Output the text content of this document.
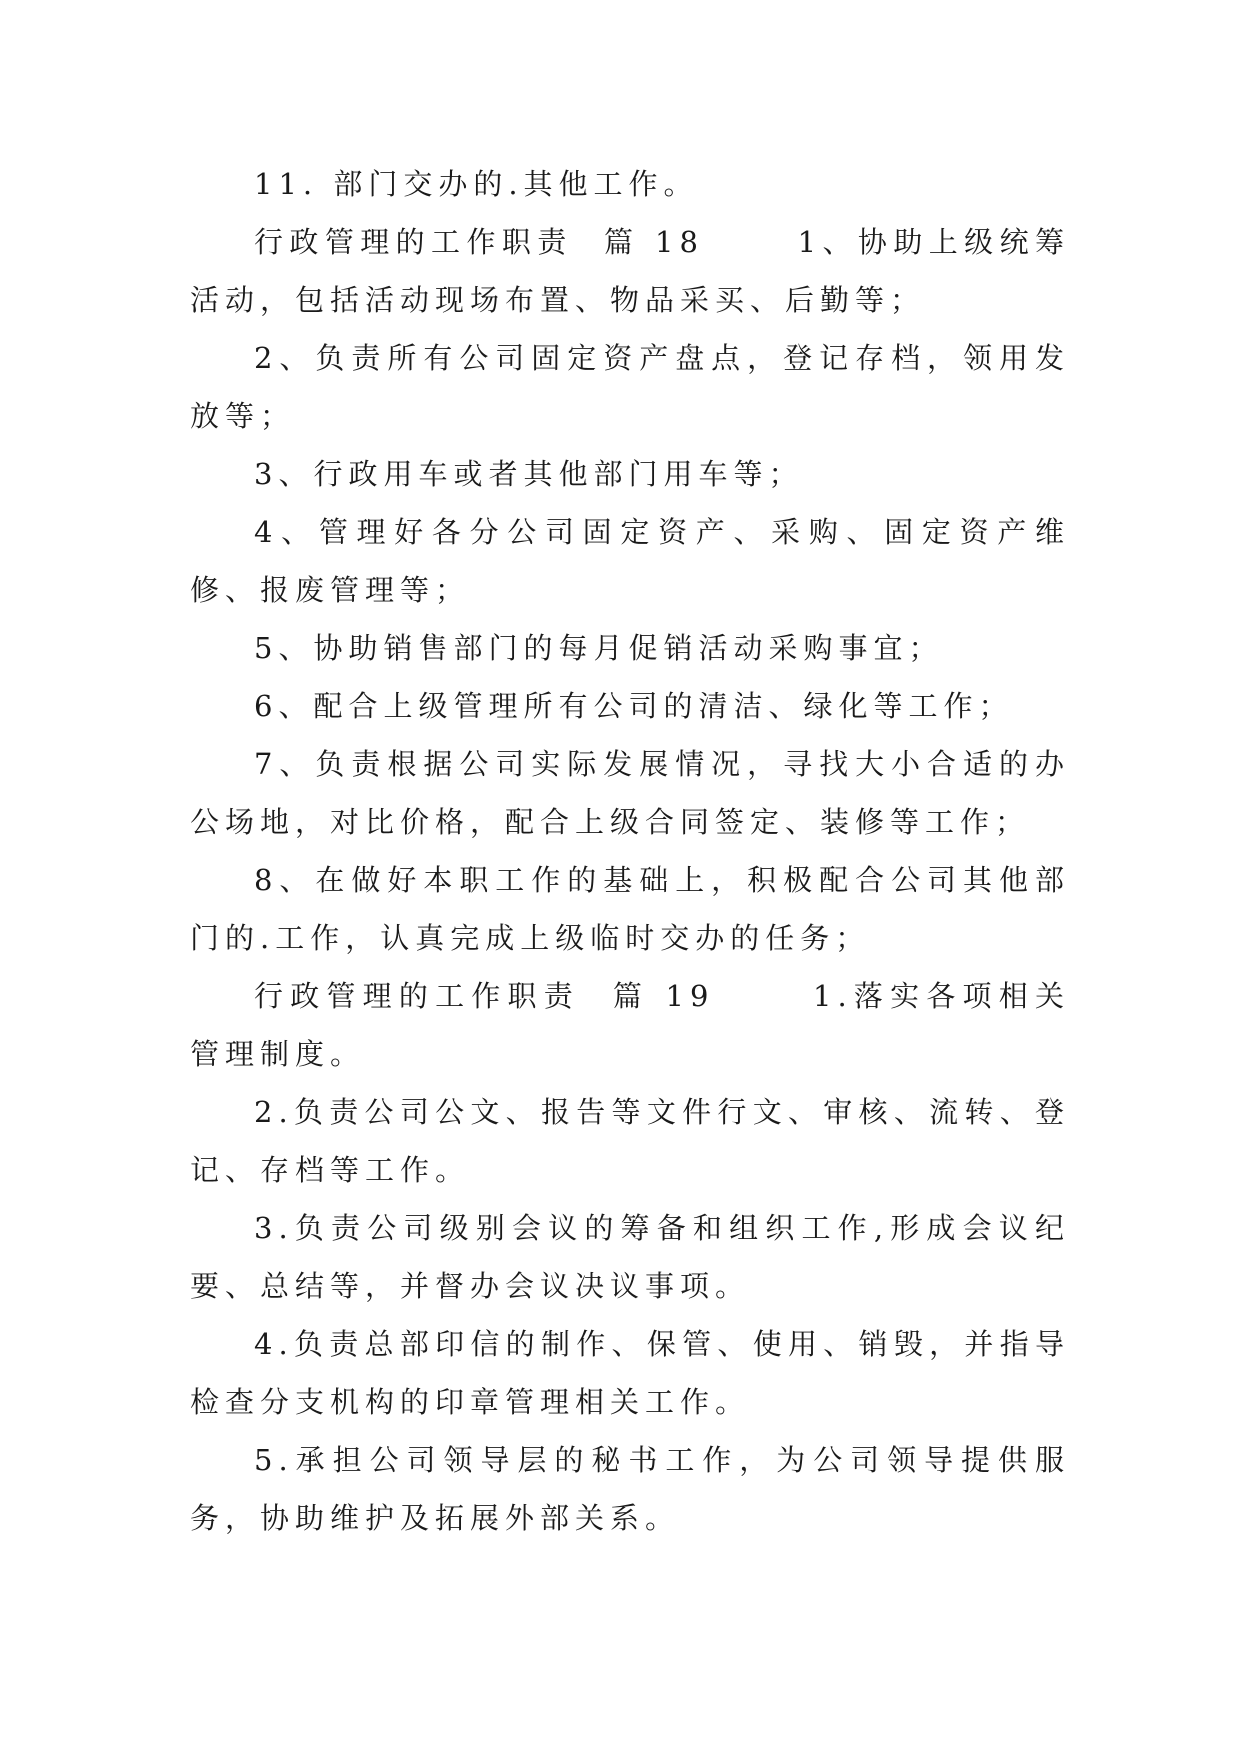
11. 部门交办的.其他工作。

行政管理的工作职责  篇 18      1、协助上级统筹活动，包括活动现场布置、物品采买、后勤等；

2、负责所有公司固定资产盘点，登记存档，领用发放等；

3、行政用车或者其他部门用车等；

4、管理好各分公司固定资产、采购、固定资产维修、报废管理等；

5、协助销售部门的每月促销活动采购事宜；

6、配合上级管理所有公司的清洁、绿化等工作；

7、负责根据公司实际发展情况，寻找大小合适的办公场地，对比价格，配合上级合同签定、装修等工作；

8、在做好本职工作的基础上，积极配合公司其他部门的.工作，认真完成上级临时交办的任务；

行政管理的工作职责  篇 19      1.落实各项相关管理制度。

2.负责公司公文、报告等文件行文、审核、流转、登记、存档等工作。

3.负责公司级别会议的筹备和组织工作,形成会议纪要、总结等，并督办会议决议事项。

4.负责总部印信的制作、保管、使用、销毁，并指导检查分支机构的印章管理相关工作。

5.承担公司领导层的秘书工作，为公司领导提供服务，协助维护及拓展外部关系。
